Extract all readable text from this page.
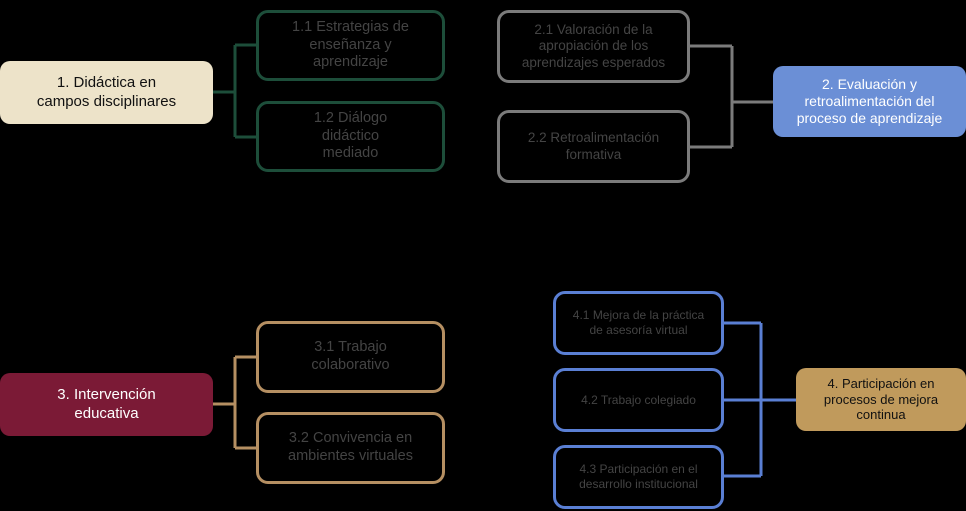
1. Didáctica en
campos disciplinares
1.1 Estrategias de
enseñanza y
aprendizaje
1.2 Diálogo
didáctico
mediado
2.1 Valoración de la
apropiación de los
aprendizajes esperados
2.2 Retroalimentación
formativa
2. Evaluación y
retroalimentación del
proceso de aprendizaje
3. Intervención
educativa
3.1 Trabajo
colaborativo
3.2 Convivencia en
ambientes virtuales
4.1 Mejora de la práctica
de asesoría virtual
4.2 Trabajo colegiado
4.3 Participación en el
desarrollo institucional
4. Participación en
procesos de mejora
continua
